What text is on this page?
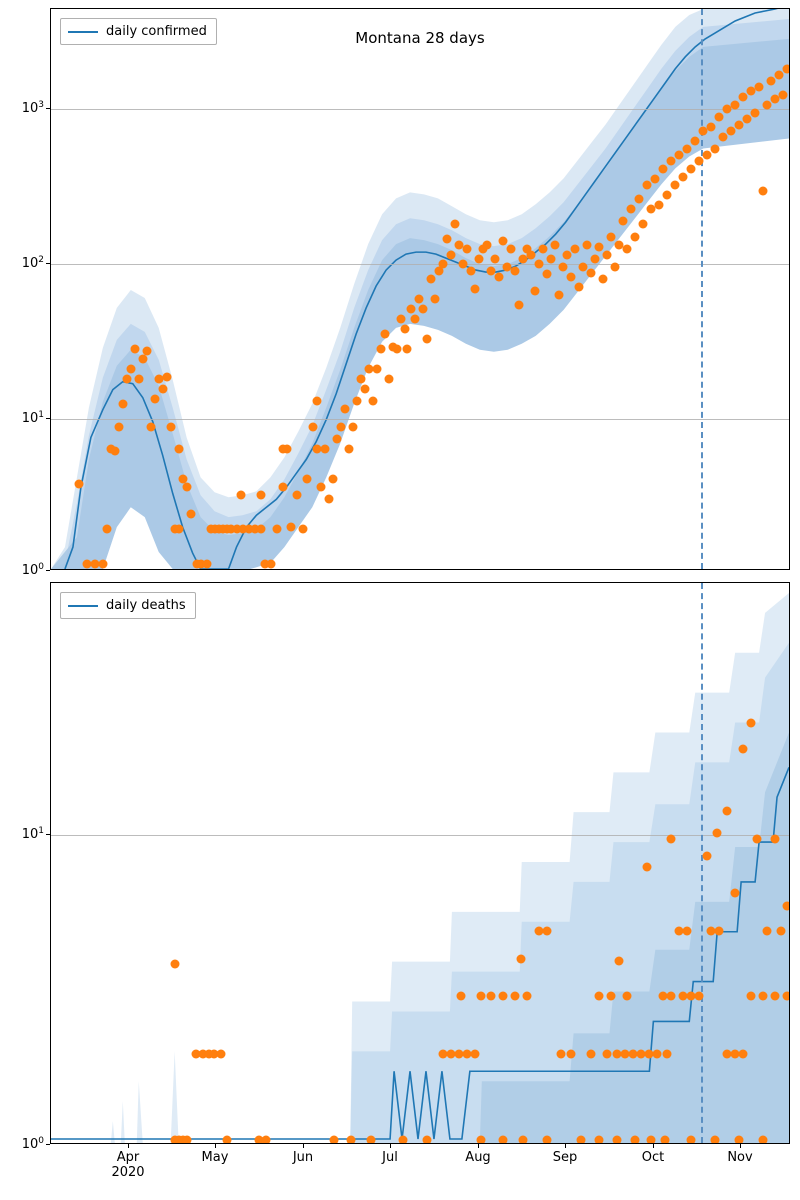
daily confirmed	Montana 28 days
$10^3$
$10^2$
$10^1$
$10^0$
daily deaths
$10^1$
$10^0$
Apr
2020
May	Jun	Jul	Aug	Sep	Oct	Nov
